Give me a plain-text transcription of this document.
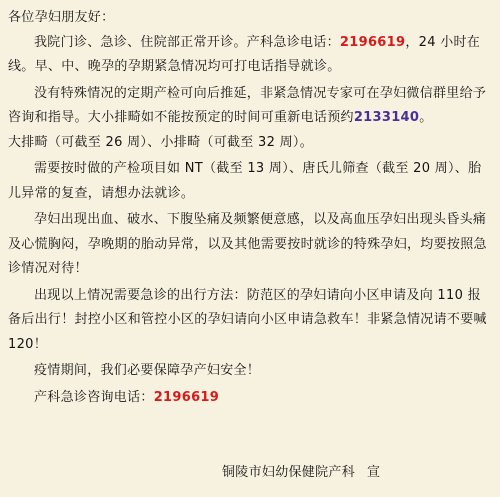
各位孕妇朋友好：

我院门诊、急诊、住院部正常开诊。产科急诊电话：2196619，24 小时在线。早、中、晚孕的孕期紧急情况均可打电话指导就诊。

没有特殊情况的定期产检可向后推延，非紧急情况专家可在孕妇微信群里给予咨询和指导。大小排畸如不能按预定的时间可重新电话预约2133140。

大排畸（可截至 26 周）、小排畸（可截至 32 周）。

需要按时做的产检项目如 NT（截至 13 周）、唐氏儿筛查（截至 20 周）、胎儿异常的复查，请想办法就诊。

孕妇出现出血、破水、下腹坠痛及频繁便意感，以及高血压孕妇出现头昏头痛及心慌胸闷，孕晚期的胎动异常，以及其他需要按时就诊的特殊孕妇，均要按照急诊情况对待！

出现以上情况需要急诊的出行方法：防范区的孕妇请向小区申请及向 110 报备后出行！封控小区和管控小区的孕妇请向小区申请急救车！非紧急情况请不要喊 120！

疫情期间，我们必要保障孕产妇安全！

产科急诊咨询电话：2196619

铜陵市妇幼保健院产科 宣
